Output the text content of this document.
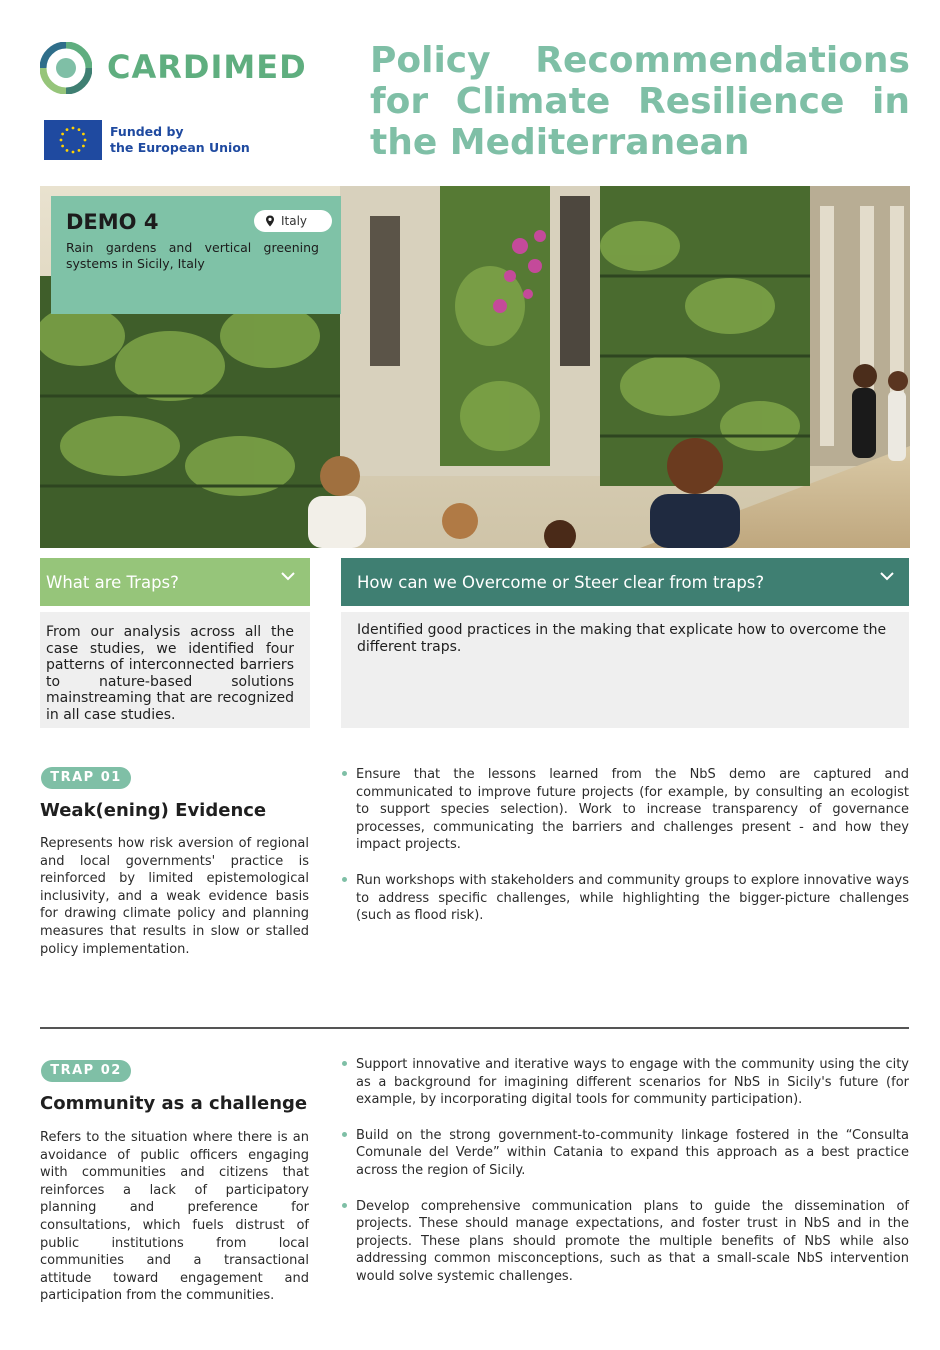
CARDIMED
Funded by
the European Union
Policy Recommendations for Climate Resilience in the Mediterranean
DEMO 4	Italy
Rain gardens and vertical greening systems in Sicily, Italy
What are Traps?	How can we Overcome or Steer clear from traps?
From our analysis across all the case studies, we identified four patterns of interconnected barriers to nature-based solutions mainstreaming that are recognized in all case studies.
Identified good practices in the making that explicate how to overcome the different traps.
TRAP 01
Weak(ening) Evidence
Represents how risk aversion of regional and local governments' practice is reinforced by limited epistemological inclusivity, and a weak evidence basis for drawing climate policy and planning measures that results in slow or stalled policy implementation.
Ensure that the lessons learned from the NbS demo are captured and communicated to improve future projects (for example, by consulting an ecologist to support species selection). Work to increase transparency of governance processes, communicating the barriers and challenges present - and how they impact projects.
Run workshops with stakeholders and community groups to explore innovative ways to address specific challenges, while highlighting the bigger-picture challenges (such as flood risk).
TRAP 02
Community as a challenge
Refers to the situation where there is an avoidance of public officers engaging with communities and citizens that reinforces a lack of participatory planning and preference for consultations, which fuels distrust of public institutions from local communities and a transactional attitude toward engagement and participation from the communities.
Support innovative and iterative ways to engage with the community using the city as a background for imagining different scenarios for NbS in Sicily's future (for example, by incorporating digital tools for community participation).
Build on the strong government-to-community linkage fostered in the “Consulta Comunale del Verde” within Catania to expand this approach as a best practice across the region of Sicily.
Develop comprehensive communication plans to guide the dissemination of projects. These should manage expectations, and foster trust in NbS and in the projects. These plans should promote the multiple benefits of NbS while also addressing common misconceptions, such as that a small-scale NbS intervention would solve systemic challenges.
